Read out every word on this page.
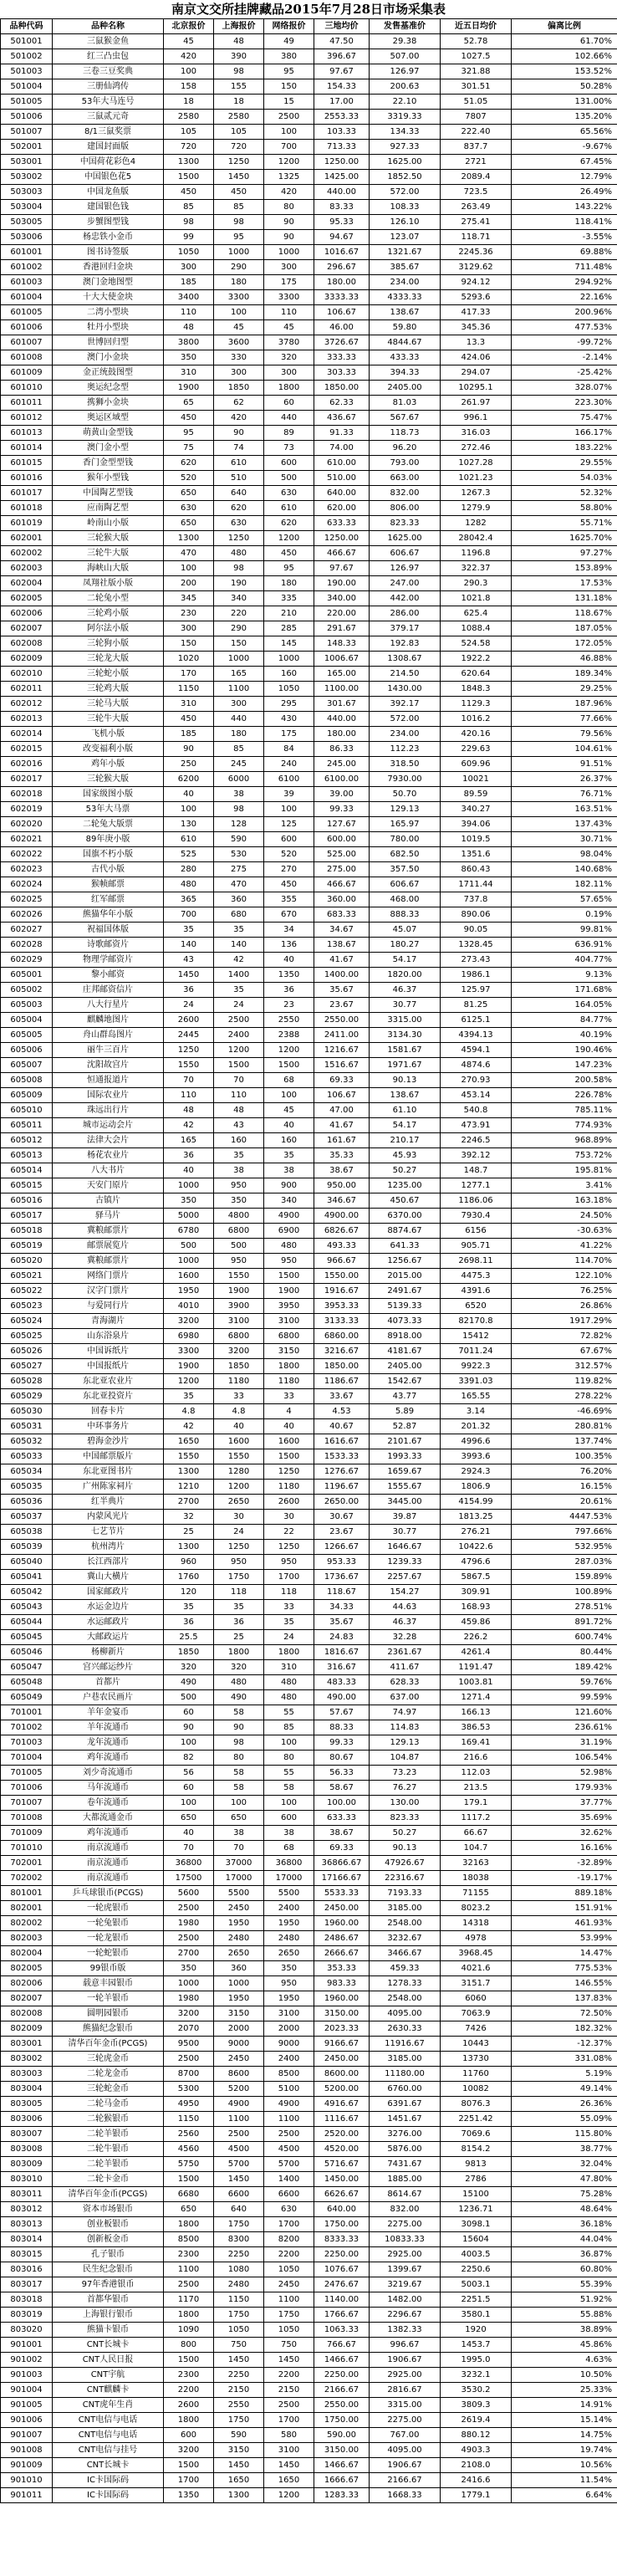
南京文交所挂牌藏品2015年7月28日市场采集表
品种代码	品种名称	北京报价	上海报价	网络报价	三地均价	发售基准价	近五日均价	偏离比例
501001	三鼠猴金鱼	45	48	49	47.50	29.38	52.78	61.70%
501002	红三凸虫包	420	390	380	396.67	507.00	1027.5	102.66%
501003	三卷三豆奖典	100	98	95	97.67	126.97	321.88	153.52%
501004	三册仙鸿传	158	155	150	154.33	200.63	301.51	50.28%
501005	53年大马连号	18	18	15	17.00	22.10	51.05	131.00%
501006	三鼠贰元奇	2580	2580	2500	2553.33	3319.33	7807	135.20%
501007	8/1三鼠奖票	105	105	100	103.33	134.33	222.40	65.56%
502001	建国封面版	720	720	700	713.33	927.33	837.7	-9.67%
503001	中国荷花彩色4	1300	1250	1200	1250.00	1625.00	2721	67.45%
503002	中国银色花5	1500	1450	1325	1425.00	1852.50	2089.4	12.79%
503003	中国龙鱼版	450	450	420	440.00	572.00	723.5	26.49%
503004	建国银色钱	85	85	80	83.33	108.33	263.49	143.22%
503005	步蟹图型钱	98	98	90	95.33	126.10	275.41	118.41%
503006	杨忠铁小金币	99	95	90	94.67	123.07	118.71	-3.55%
601001	图书诗签版	1050	1000	1000	1016.67	1321.67	2245.36	69.88%
601002	香港回归金块	300	290	300	296.67	385.67	3129.62	711.48%
601003	澳门金地图型	185	180	175	180.00	234.00	924.12	294.92%
601004	十大大使金块	3400	3300	3300	3333.33	4333.33	5293.6	22.16%
601005	二湾小型块	110	100	110	106.67	138.67	417.33	200.96%
601006	牡丹小型块	48	45	45	46.00	59.80	345.36	477.53%
601007	世博回归型	3800	3600	3780	3726.67	4844.67	13.3	-99.72%
601008	澳门小金块	350	330	320	333.33	433.33	424.06	-2.14%
601009	金正统鼓图型	310	300	300	303.33	394.33	294.07	-25.42%
601010	奥运纪念型	1900	1850	1800	1850.00	2405.00	10295.1	328.07%
601011	携狮小金块	65	62	60	62.33	81.03	261.97	223.30%
601012	奥运区域型	450	420	440	436.67	567.67	996.1	75.47%
601013	萌黄山金型钱	95	90	89	91.33	118.73	316.03	166.17%
601014	澳门金小型	75	74	73	74.00	96.20	272.46	183.22%
601015	香门金型型钱	620	610	600	610.00	793.00	1027.28	29.55%
601016	猴年小型钱	520	510	500	510.00	663.00	1021.23	54.03%
601017	中国陶艺型钱	650	640	630	640.00	832.00	1267.3	52.32%
601018	应南陶艺型	630	620	610	620.00	806.00	1279.9	58.80%
601019	岭南山小版	650	630	620	633.33	823.33	1282	55.71%
602001	三轮猴大版	1300	1250	1200	1250.00	1625.00	28042.4	1625.70%
602002	三轮牛大版	470	480	450	466.67	606.67	1196.8	97.27%
602003	海峡山大版	100	98	95	97.67	126.97	322.37	153.89%
602004	凤翔社版小版	200	190	180	190.00	247.00	290.3	17.53%
602005	二轮兔小型	345	340	335	340.00	442.00	1021.8	131.18%
602006	三轮鸡小版	230	220	210	220.00	286.00	625.4	118.67%
602007	阿尔法小版	300	290	285	291.67	379.17	1088.4	187.05%
602008	三轮狗小版	150	150	145	148.33	192.83	524.58	172.05%
602009	三轮龙大版	1020	1000	1000	1006.67	1308.67	1922.2	46.88%
602010	三轮蛇小版	170	165	160	165.00	214.50	620.64	189.34%
602011	三轮鸡大版	1150	1100	1050	1100.00	1430.00	1848.3	29.25%
602012	三轮马大版	310	300	295	301.67	392.17	1129.3	187.96%
602013	三轮牛大版	450	440	430	440.00	572.00	1016.2	77.66%
602014	飞机小版	185	180	175	180.00	234.00	420.16	79.56%
602015	改变福利小版	90	85	84	86.33	112.23	229.63	104.61%
602016	鸡年小版	250	245	240	245.00	318.50	609.96	91.51%
602017	三轮猴大版	6200	6000	6100	6100.00	7930.00	10021	26.37%
602018	国家级图小版	40	38	39	39.00	50.70	89.59	76.71%
602019	53年大马票	100	98	100	99.33	129.13	340.27	163.51%
602020	二轮兔大版票	130	128	125	127.67	165.97	394.06	137.43%
602021	89年庚小版	610	590	600	600.00	780.00	1019.5	30.71%
602022	国旗不朽小版	525	530	520	525.00	682.50	1351.6	98.04%
602023	古代小版	280	275	270	275.00	357.50	860.43	140.68%
602024	猴帧邮票	480	470	450	466.67	606.67	1711.44	182.11%
602025	红军邮票	365	360	355	360.00	468.00	737.8	57.65%
602026	熊猫华年小版	700	680	670	683.33	888.33	890.06	0.19%
602027	祝福国体版	35	35	34	34.67	45.07	90.05	99.81%
602028	诗歌邮资片	140	140	136	138.67	180.27	1328.45	636.91%
602029	物理学邮资片	43	42	40	41.67	54.17	273.43	404.77%
605001	黎小邮资	1450	1400	1350	1400.00	1820.00	1986.1	9.13%
605002	庄邦邮资信片	36	35	36	35.67	46.37	125.97	171.68%
605003	八大行星片	24	24	23	23.67	30.77	81.25	164.05%
605004	麒麟地图片	2600	2500	2550	2550.00	3315.00	6125.1	84.77%
605005	舟山群岛图片	2445	2400	2388	2411.00	3134.30	4394.13	40.19%
605006	丽牛三百片	1250	1200	1200	1216.67	1581.67	4594.1	190.46%
605007	沈阳故宫片	1550	1500	1500	1516.67	1971.67	4874.6	147.23%
605008	恒通报道片	70	70	68	69.33	90.13	270.93	200.58%
605009	国际农业片	110	110	100	106.67	138.67	453.14	226.78%
605010	珠远出行片	48	48	45	47.00	61.10	540.8	785.11%
605011	城市运动会片	42	43	40	41.67	54.17	473.91	774.93%
605012	法律大会片	165	160	160	161.67	210.17	2246.5	968.89%
605013	杨花农业片	36	35	35	35.33	45.93	392.12	753.72%
605014	八大书片	40	38	38	38.67	50.27	148.7	195.81%
605015	天安门原片	1000	950	900	950.00	1235.00	1277.1	3.41%
605016	古镇片	350	350	340	346.67	450.67	1186.06	163.18%
605017	驿马片	5000	4800	4900	4900.00	6370.00	7930.4	24.50%
605018	冀粮邮票片	6780	6800	6900	6826.67	8874.67	6156	-30.63%
605019	邮票展览片	500	500	480	493.33	641.33	905.71	41.22%
605020	冀粮邮票片	1000	950	950	966.67	1256.67	2698.11	114.70%
605021	网络门票片	1600	1550	1500	1550.00	2015.00	4475.3	122.10%
605022	汉字门票片	1950	1900	1900	1916.67	2491.67	4391.6	76.25%
605023	与爱同行片	4010	3900	3950	3953.33	5139.33	6520	26.86%
605024	青海湖片	3200	3100	3100	3133.33	4073.33	82170.8	1917.29%
605025	山东浴泉片	6980	6800	6800	6860.00	8918.00	15412	72.82%
605026	中国诉纸片	3300	3200	3150	3216.67	4181.67	7011.24	67.67%
605027	中国报纸片	1900	1850	1800	1850.00	2405.00	9922.3	312.57%
605028	东北亚农业片	1200	1180	1180	1186.67	1542.67	3391.03	119.82%
605029	东北亚投资片	35	33	33	33.67	43.77	165.55	278.22%
605030	回春卡片	4.8	4.8	4	4.53	5.89	3.14	-46.69%
605031	中环事务片	42	40	40	40.67	52.87	201.32	280.81%
605032	碧海金沙片	1650	1600	1600	1616.67	2101.67	4996.6	137.74%
605033	中国邮票版片	1550	1550	1500	1533.33	1993.33	3993.6	100.35%
605034	东北亚图书片	1300	1280	1250	1276.67	1659.67	2924.3	76.20%
605035	广州陈家祠片	1210	1200	1180	1196.67	1555.67	1806.9	16.15%
605036	红半典片	2700	2650	2600	2650.00	3445.00	4154.99	20.61%
605037	内蒙风光片	32	30	30	30.67	39.87	1813.25	4447.53%
605038	七艺节片	25	24	22	23.67	30.77	276.21	797.66%
605039	杭州湾片	1300	1250	1250	1266.67	1646.67	10422.6	532.95%
605040	长江西部片	960	950	950	953.33	1239.33	4796.6	287.03%
605041	冀山大横片	1760	1750	1700	1736.67	2257.67	5867.5	159.89%
605042	国家邮政片	120	118	118	118.67	154.27	309.91	100.89%
605043	水运金边片	35	35	33	34.33	44.63	168.93	278.51%
605044	水运邮政片	36	36	35	35.67	46.37	459.86	891.72%
605045	大邮政运片	25.5	25	24	24.83	32.28	226.2	600.74%
605046	杨柳新片	1850	1800	1800	1816.67	2361.67	4261.4	80.44%
605047	宫兴邮运纱片	320	320	310	316.67	411.67	1191.47	189.42%
605048	首都片	490	480	480	483.33	628.33	1003.81	59.76%
605049	户巷农民画片	500	490	480	490.00	637.00	1271.4	99.59%
701001	羊年金宴币	60	58	55	57.67	74.97	166.13	121.60%
701002	羊年流通币	90	90	85	88.33	114.83	386.53	236.61%
701003	龙年流通币	100	98	100	99.33	129.13	169.41	31.19%
701004	鸡年流通币	82	80	80	80.67	104.87	216.6	106.54%
701005	刘少奇流通币	56	58	55	56.33	73.23	112.03	52.98%
701006	马年流通币	60	58	58	58.67	76.27	213.5	179.93%
701007	卷年流通币	100	100	100	100.00	130.00	179.1	37.77%
701008	大都流通金币	650	650	600	633.33	823.33	1117.2	35.69%
701009	鸡年流通币	40	38	38	38.67	50.27	66.67	32.62%
701010	南京流通币	70	70	68	69.33	90.13	104.7	16.16%
702001	南京流通币	36800	37000	36800	36866.67	47926.67	32163	-32.89%
702002	南京流通币	17500	17000	17000	17166.67	22316.67	18038	-19.17%
801001	乒乓球银币(PCGS)	5600	5500	5500	5533.33	7193.33	71155	889.18%
802001	一轮虎银币	2500	2450	2400	2450.00	3185.00	8023.2	151.91%
802002	一轮兔银币	1980	1950	1950	1960.00	2548.00	14318	461.93%
802003	一轮龙银币	2500	2480	2480	2486.67	3232.67	4978	53.99%
802004	一轮蛇银币	2700	2650	2650	2666.67	3466.67	3968.45	14.47%
802005	99银币版	350	360	350	353.33	459.33	4021.6	775.53%
802006	载意丰园银币	1000	1000	950	983.33	1278.33	3151.7	146.55%
802007	一轮羊银币	1980	1950	1950	1960.00	2548.00	6060	137.83%
802008	圆明园银币	3200	3150	3100	3150.00	4095.00	7063.9	72.50%
802009	熊猫纪念银币	2070	2000	2000	2023.33	2630.33	7426	182.32%
803001	清华百年金币(PCGS)	9500	9000	9000	9166.67	11916.67	10443	-12.37%
803002	三轮虎金币	2500	2450	2400	2450.00	3185.00	13730	331.08%
803003	二轮龙金币	8700	8600	8500	8600.00	11180.00	11760	5.19%
803004	三轮蛇金币	5300	5200	5100	5200.00	6760.00	10082	49.14%
803005	二轮马金币	4950	4900	4900	4916.67	6391.67	8076.3	26.36%
803006	二轮猴银币	1150	1100	1100	1116.67	1451.67	2251.42	55.09%
803007	二轮羊银币	2560	2500	2500	2520.00	3276.00	7069.6	115.80%
803008	二轮牛银币	4560	4500	4500	4520.00	5876.00	8154.2	38.77%
803009	二轮羊银币	5750	5700	5700	5716.67	7431.67	9813	32.04%
803010	二轮卡金币	1500	1450	1400	1450.00	1885.00	2786	47.80%
803011	清华百年金币(PCGS)	6680	6600	6600	6626.67	8614.67	15100	75.28%
803012	资本市场银币	650	640	630	640.00	832.00	1236.71	48.64%
803013	创业板银币	1800	1750	1700	1750.00	2275.00	3098.1	36.18%
803014	创新板金币	8500	8300	8200	8333.33	10833.33	15604	44.04%
803015	孔子银币	2300	2250	2200	2250.00	2925.00	4003.5	36.87%
803016	民生纪念银币	1100	1080	1050	1076.67	1399.67	2250.6	60.80%
803017	97年香港银币	2500	2480	2450	2476.67	3219.67	5003.1	55.39%
803018	首都华银币	1170	1150	1100	1140.00	1482.00	2251.5	51.92%
803019	上海银行银币	1800	1750	1750	1766.67	2296.67	3580.1	55.88%
803020	熊猫卡银币	1090	1050	1050	1063.33	1382.33	1920	38.89%
901001	CNT长城卡	800	750	750	766.67	996.67	1453.7	45.86%
901002	CNT人民日报	1500	1450	1450	1466.67	1906.67	1995.0	4.63%
901003	CNT宇航	2300	2250	2200	2250.00	2925.00	3232.1	10.50%
901004	CNT麒麟卡	2200	2150	2150	2166.67	2816.67	3530.2	25.33%
901005	CNT虎年生肖	2600	2550	2500	2550.00	3315.00	3809.3	14.91%
901006	CNT电信与电话	1800	1750	1700	1750.00	2275.00	2619.4	15.14%
901007	CNT电信与电话	600	590	580	590.00	767.00	880.12	14.75%
901008	CNT电信与挂号	3200	3150	3100	3150.00	4095.00	4903.3	19.74%
901009	CNT长城卡	1500	1450	1450	1466.67	1906.67	2108.0	10.56%
901010	IC卡国际码	1700	1650	1650	1666.67	2166.67	2416.6	11.54%
901011	IC卡国际码	1350	1300	1200	1283.33	1668.33	1779.1	6.64%
